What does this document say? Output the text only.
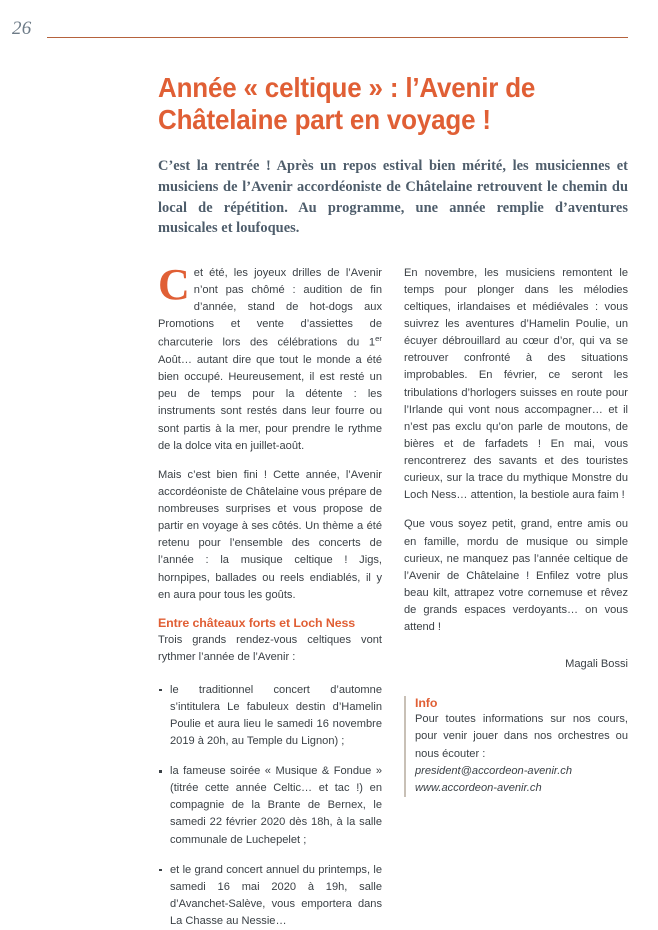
26
Année « celtique » : l’Avenir de
Châtelaine part en voyage !

C’est la rentrée ! Après un repos estival bien mérité, les musiciennes et musiciens de l’Avenir accordéoniste de Châtelaine retrouvent le chemin du local de répétition. Au programme, une année remplie d’aventures musicales et loufoques.

Cet été, les joyeux drilles de l’Avenir n’ont pas chômé : audition de fin d’année, stand de hot-dogs aux Promotions et vente d’assiettes de charcuterie lors des célébrations du 1er Août… autant dire que tout le monde a été bien occupé. Heureusement, il est resté un peu de temps pour la détente : les instruments sont restés dans leur fourre ou sont partis à la mer, pour prendre le rythme de la dolce vita en juillet-août.

Mais c’est bien fini ! Cette année, l’Avenir accordéoniste de Châtelaine vous prépare de nombreuses surprises et vous propose de partir en voyage à ses côtés. Un thème a été retenu pour l’ensemble des concerts de l’année : la musique celtique ! Jigs, hornpipes, ballades ou reels endiablés, il y en aura pour tous les goûts.

Entre châteaux forts et Loch Ness

Trois grands rendez-vous celtiques vont rythmer l’année de l’Avenir :

le traditionnel concert d’automne s’intitulera Le fabuleux destin d’Hamelin Poulie et aura lieu le samedi 16 novembre 2019 à 20h, au Temple du Lignon) ;
la fameuse soirée « Musique & Fondue » (titrée cette année Celtic… et tac !) en compagnie de la Brante de Bernex, le samedi 22 février 2020 dès 18h, à la salle communale de Luchepelet ;
et le grand concert annuel du printemps, le samedi 16 mai 2020 à 19h, salle d’Avanchet-Salève, vous emportera dans La Chasse au Nessie…

En novembre, les musiciens remontent le temps pour plonger dans les mélodies celtiques, irlandaises et médiévales : vous suivrez les aventures d’Hamelin Poulie, un écuyer débrouillard au cœur d’or, qui va se retrouver confronté à des situations improbables. En février, ce seront les tribulations d’horlogers suisses en route pour l’Irlande qui vont nous accompagner… et il n’est pas exclu qu’on parle de moutons, de bières et de farfadets ! En mai, vous rencontrerez des savants et des touristes curieux, sur la trace du mythique Monstre du Loch Ness… attention, la bestiole aura faim !

Que vous soyez petit, grand, entre amis ou en famille, mordu de musique ou simple curieux, ne manquez pas l’année celtique de l’Avenir de Châtelaine ! Enfilez votre plus beau kilt, attrapez votre cornemuse et rêvez de grands espaces verdoyants… on vous attend !

Magali Bossi

Info

Pour toutes informations sur nos cours, pour venir jouer dans nos orchestres ou nous écouter :

president@accordeon-avenir.ch

www.accordeon-avenir.ch
